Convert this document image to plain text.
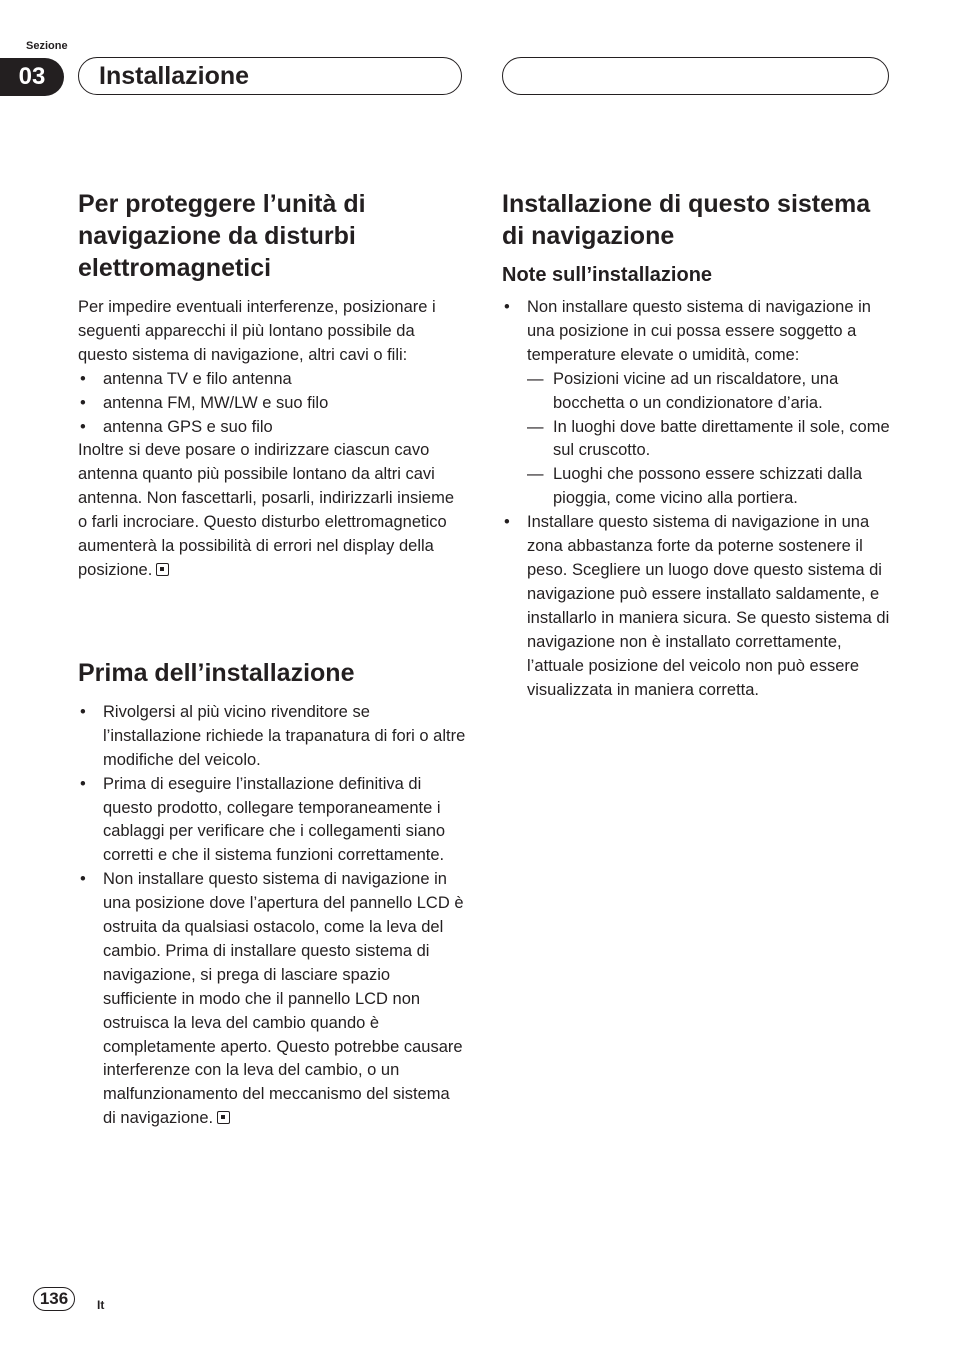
Sezione
03	Installazione
Per proteggere l’unità di navigazione da disturbi elettromagnetici

Per impedire eventuali interferenze, posizionare i seguenti apparecchi il più lontano possibile da questo sistema di navigazione, altri cavi o fili:

• antenna TV e filo antenna
• antenna FM, MW/LW e suo filo
• antenna GPS e suo filo

Inoltre si deve posare o indirizzare ciascun cavo antenna quanto più possibile lontano da altri cavi antenna. Non fascettarli, posarli, indirizzarli insieme o farli incrociare. Questo disturbo elettromagnetico aumenterà la possibilità di errori nel display della posizione.

Prima dell’installazione
• Rivolgersi al più vicino rivenditore se l’installazione richiede la trapanatura di fori o altre modifiche del veicolo.
• Prima di eseguire l’installazione definitiva di questo prodotto, collegare temporaneamente i cablaggi per verificare che i collegamenti siano corretti e che il sistema funzioni correttamente.
• Non installare questo sistema di navigazione in una posizione dove l’apertura del pannello LCD è ostruita da qualsiasi ostacolo, come la leva del cambio. Prima di installare questo sistema di navigazione, si prega di lasciare spazio sufficiente in modo che il pannello LCD non ostruisca la leva del cambio quando è completamente aperto. Questo potrebbe causare interferenze con la leva del cambio, o un malfunzionamento del meccanismo del sistema di navigazione.
Installazione di questo sistema di navigazione
Note sull’installazione
• Non installare questo sistema di navigazione in una posizione in cui possa essere soggetto a temperature elevate o umidità, come:
— Posizioni vicine ad un riscaldatore, una bocchetta o un condizionatore d’aria.
— In luoghi dove batte direttamente il sole, come sul cruscotto.
— Luoghi che possono essere schizzati dalla pioggia, come vicino alla portiera.
• Installare questo sistema di navigazione in una zona abbastanza forte da poterne sostenere il peso. Scegliere un luogo dove questo sistema di navigazione può essere installato saldamente, e installarlo in maniera sicura. Se questo sistema di navigazione non è installato correttamente, l’attuale posizione del veicolo non può essere visualizzata in maniera corretta.
136	It
